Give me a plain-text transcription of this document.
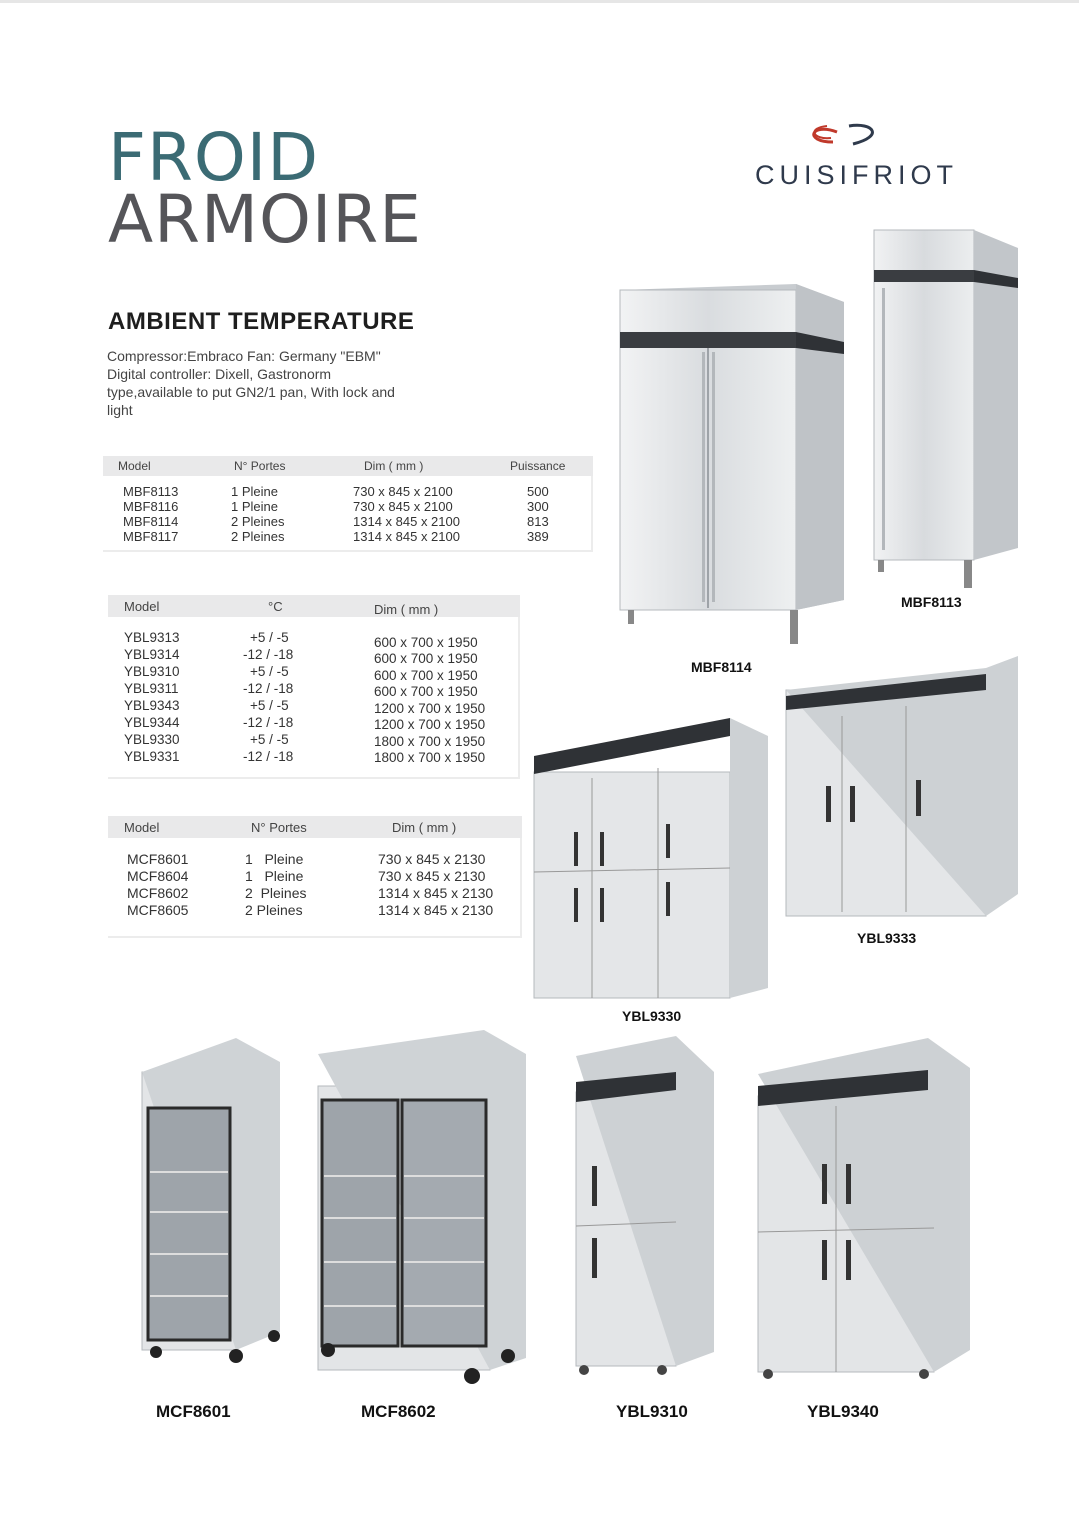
FROID
ARMOIRE
CUISIFRIOT
AMBIENT TEMPERATURE
Compressor:Embraco Fan: Germany "EBM"
Digital controller: Dixell, Gastronorm
type,available to put GN2/1 pan, With lock and
light
Model	N° Portes	Dim ( mm )	Puissance
MBF8113	1 Pleine	730 x 845 x 2100	500
MBF8116	1 Pleine	730 x 845 x 2100	300
MBF8114	2 Pleines	1314 x 845 x 2100	813
MBF8117	2 Pleines	1314 x 845 x 2100	389
Model	°C	Dim ( mm )
YBL9313	+5 / -5	600 x 700 x 1950
YBL9314	-12 / -18	600 x 700 x 1950
YBL9310	+5 / -5	600 x 700 x 1950
YBL9311	-12 / -18	600 x 700 x 1950
YBL9343	+5 / -5	1200 x 700 x 1950
YBL9344	-12 / -18	1200 x 700 x 1950
YBL9330	+5 / -5	1800 x 700 x 1950
YBL9331	-12 / -18	1800 x 700 x 1950
Model	N° Portes	Dim ( mm )
MCF8601	1   Pleine	730 x 845 x 2130
MCF8604	1   Pleine	730 x 845 x 2130
MCF8602	2  Pleines	1314 x 845 x 2130
MCF8605	2 Pleines	1314 x 845 x 2130
MBF8114
MBF8113
YBL9333
YBL9330
MCF8601	MCF8602	YBL9310	YBL9340
